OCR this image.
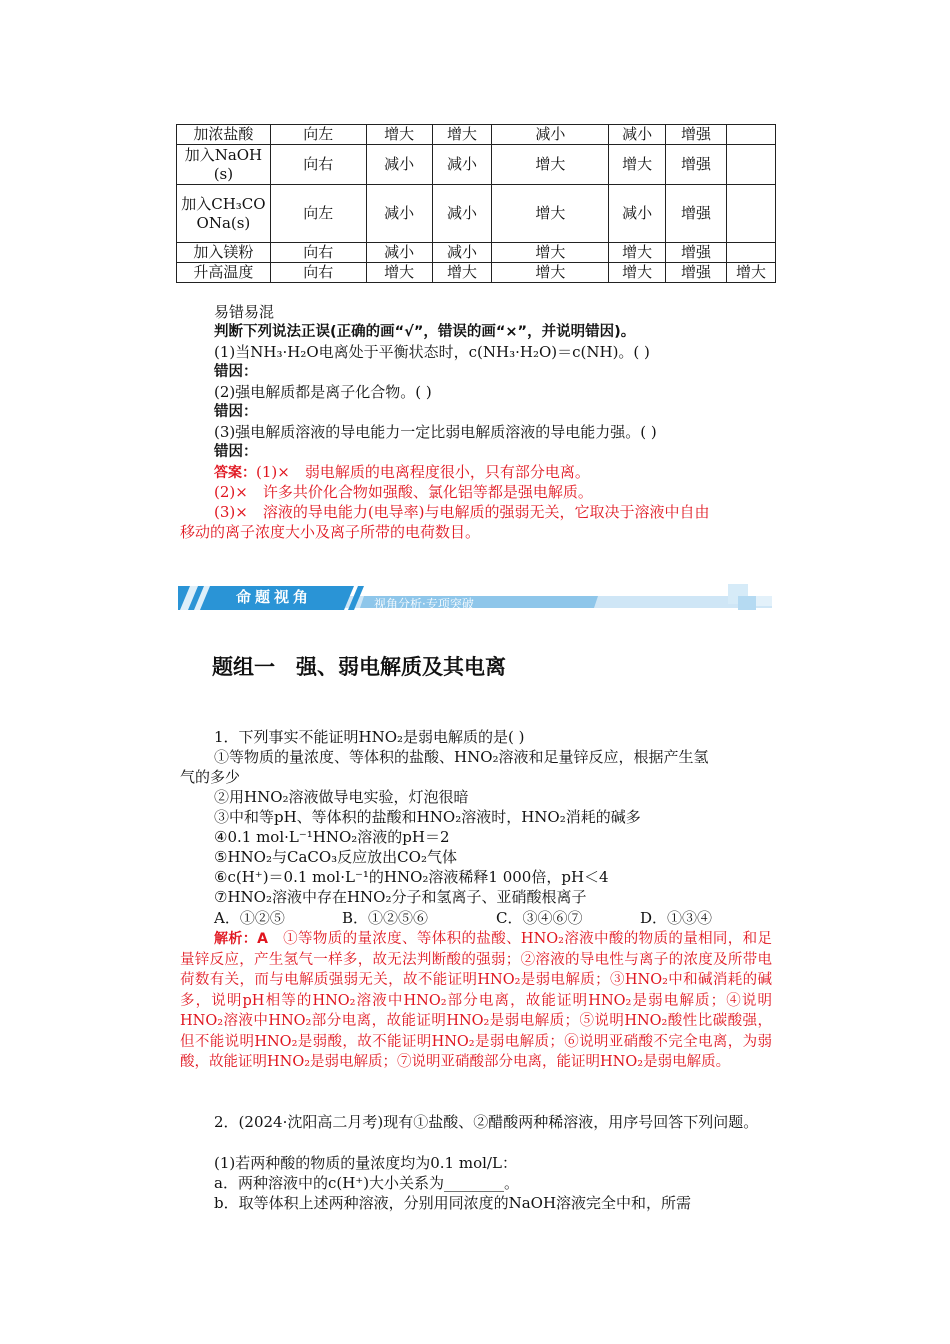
加浓盐酸	向左	增大	增大	减小	减小	增强	
加入NaOH(s)	向右	减小	减小	增大	增大	增强	
加入CH₃COONa(s)	向左	减小	减小	增大	减小	增强	
加入镁粉	向右	减小	减小	增大	增大	增强	
升高温度	向右	增大	增大	增大	增大	增强	增大
易错易混
判断下列说法正误(正确的画“√”，错误的画“×”，并说明错因)。
(1)当NH₃·H₂O电离处于平衡状态时，c(NH₃·H₂O)＝c(NH)。( )
错因：
(2)强电解质都是离子化合物。( )
错因：
(3)强电解质溶液的导电能力一定比弱电解质溶液的导电能力强。( )
错因：
答案：(1)×　弱电解质的电离程度很小，只有部分电离。
(2)×　许多共价化合物如强酸、氯化铝等都是强电解质。
(3)×　溶液的导电能力(电导率)与电解质的强弱无关，它取决于溶液中自由
移动的离子浓度大小及离子所带的电荷数目。
命题视角	视角分析·专项突破
题组一　强、弱电解质及其电离
1．下列事实不能证明HNO₂是弱电解质的是( )
①等物质的量浓度、等体积的盐酸、HNO₂溶液和足量锌反应，根据产生氢
气的多少
②用HNO₂溶液做导电实验，灯泡很暗
③中和等pH、等体积的盐酸和HNO₂溶液时，HNO₂消耗的碱多
④0.1 mol·L⁻¹HNO₂溶液的pH＝2
⑤HNO₂与CaCO₃反应放出CO₂气体
⑥c(H⁺)＝0.1 mol·L⁻¹的HNO₂溶液稀释1 000倍，pH＜4
⑦HNO₂溶液中存在HNO₂分子和氢离子、亚硝酸根离子
A．①②⑤	B．①②⑤⑥	C．③④⑥⑦	D．①③④
解析：A　 ①等物质的量浓度、等体积的盐酸、HNO₂溶液中酸的物质的量相同，和足量锌反应，产生氢气一样多，故无法判断酸的强弱；②溶液的导电性与离子的浓度及所带电荷数有关，而与电解质强弱无关，故不能证明HNO₂是弱电解质；③HNO₂中和碱消耗的碱多，说明pH相等的HNO₂溶液中HNO₂部分电离，故能证明HNO₂是弱电解质；④说明HNO₂溶液中HNO₂部分电离，故能证明HNO₂是弱电解质；⑤说明HNO₂酸性比碳酸强，但不能说明HNO₂是弱酸，故不能证明HNO₂是弱电解质；⑥说明亚硝酸不完全电离，为弱酸，故能证明HNO₂是弱电解质；⑦说明亚硝酸部分电离，能证明HNO₂是弱电解质。
2．(2024·沈阳高二月考)现有①盐酸、②醋酸两种稀溶液，用序号回答下列问题。
(1)若两种酸的物质的量浓度均为0.1 mol/L：
a．两种溶液中的c(H⁺)大小关系为________。
b．取等体积上述两种溶液，分别用同浓度的NaOH溶液完全中和，所需
